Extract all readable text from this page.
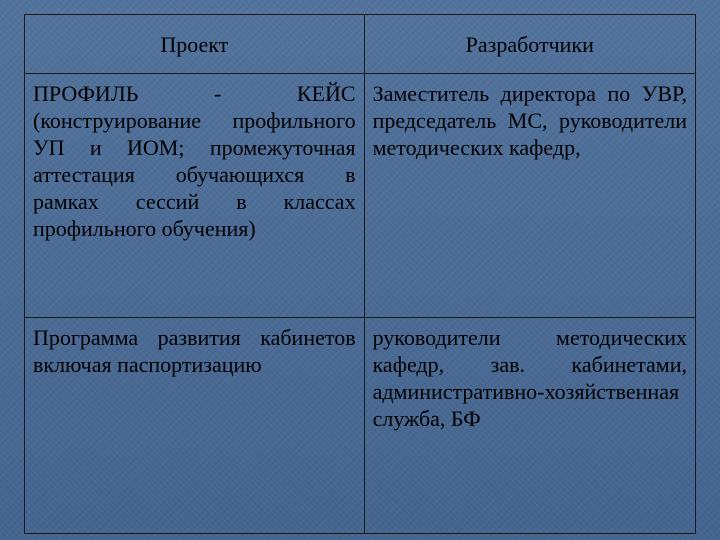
Проект	Разработчики
ПРОФИЛЬ - КЕЙС (конструирование профильного УП и ИОМ; промежуточная аттестация обучающихся в рамках сессий в классах профильного обучения)	Заместитель директора по УВР, председатель МС, руководители методических кафедр,
Программа развития кабинетов включая паспортизацию	руководители методических кафедр, зав. кабинетами, административно-хозяйственная служба, БФ
